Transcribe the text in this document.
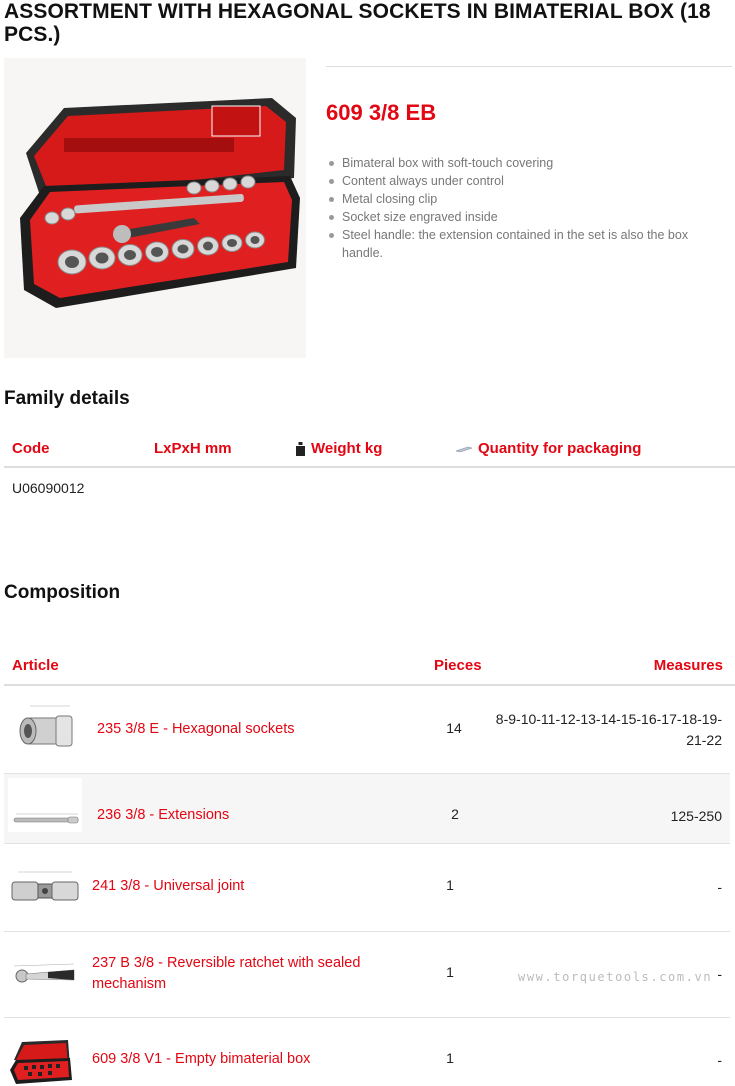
ASSORTMENT WITH HEXAGONAL SOCKETS IN BIMATERIAL BOX (18 PCS.)
609 3/8 EB
Bimateral box with soft-touch covering
Content always under control
Metal closing clip
Socket size engraved inside
Steel handle: the extension contained in the set is also the box handle.
Family details
Code	LxPxH mm	Weight kg	Quantity for packaging
U06090012
Composition
Article	Pieces	Measures
235 3/8 E - Hexagonal sockets	14
8-9-10-11-12-13-14-15-16-17-18-19-
21-22
236 3/8 - Extensions	2	125-250
241 3/8 - Universal joint	1	-
237 B 3/8 - Reversible ratchet with sealed
mechanism
1	-
www.torquetools.com.vn
609 3/8 V1 - Empty bimaterial box	1	-
